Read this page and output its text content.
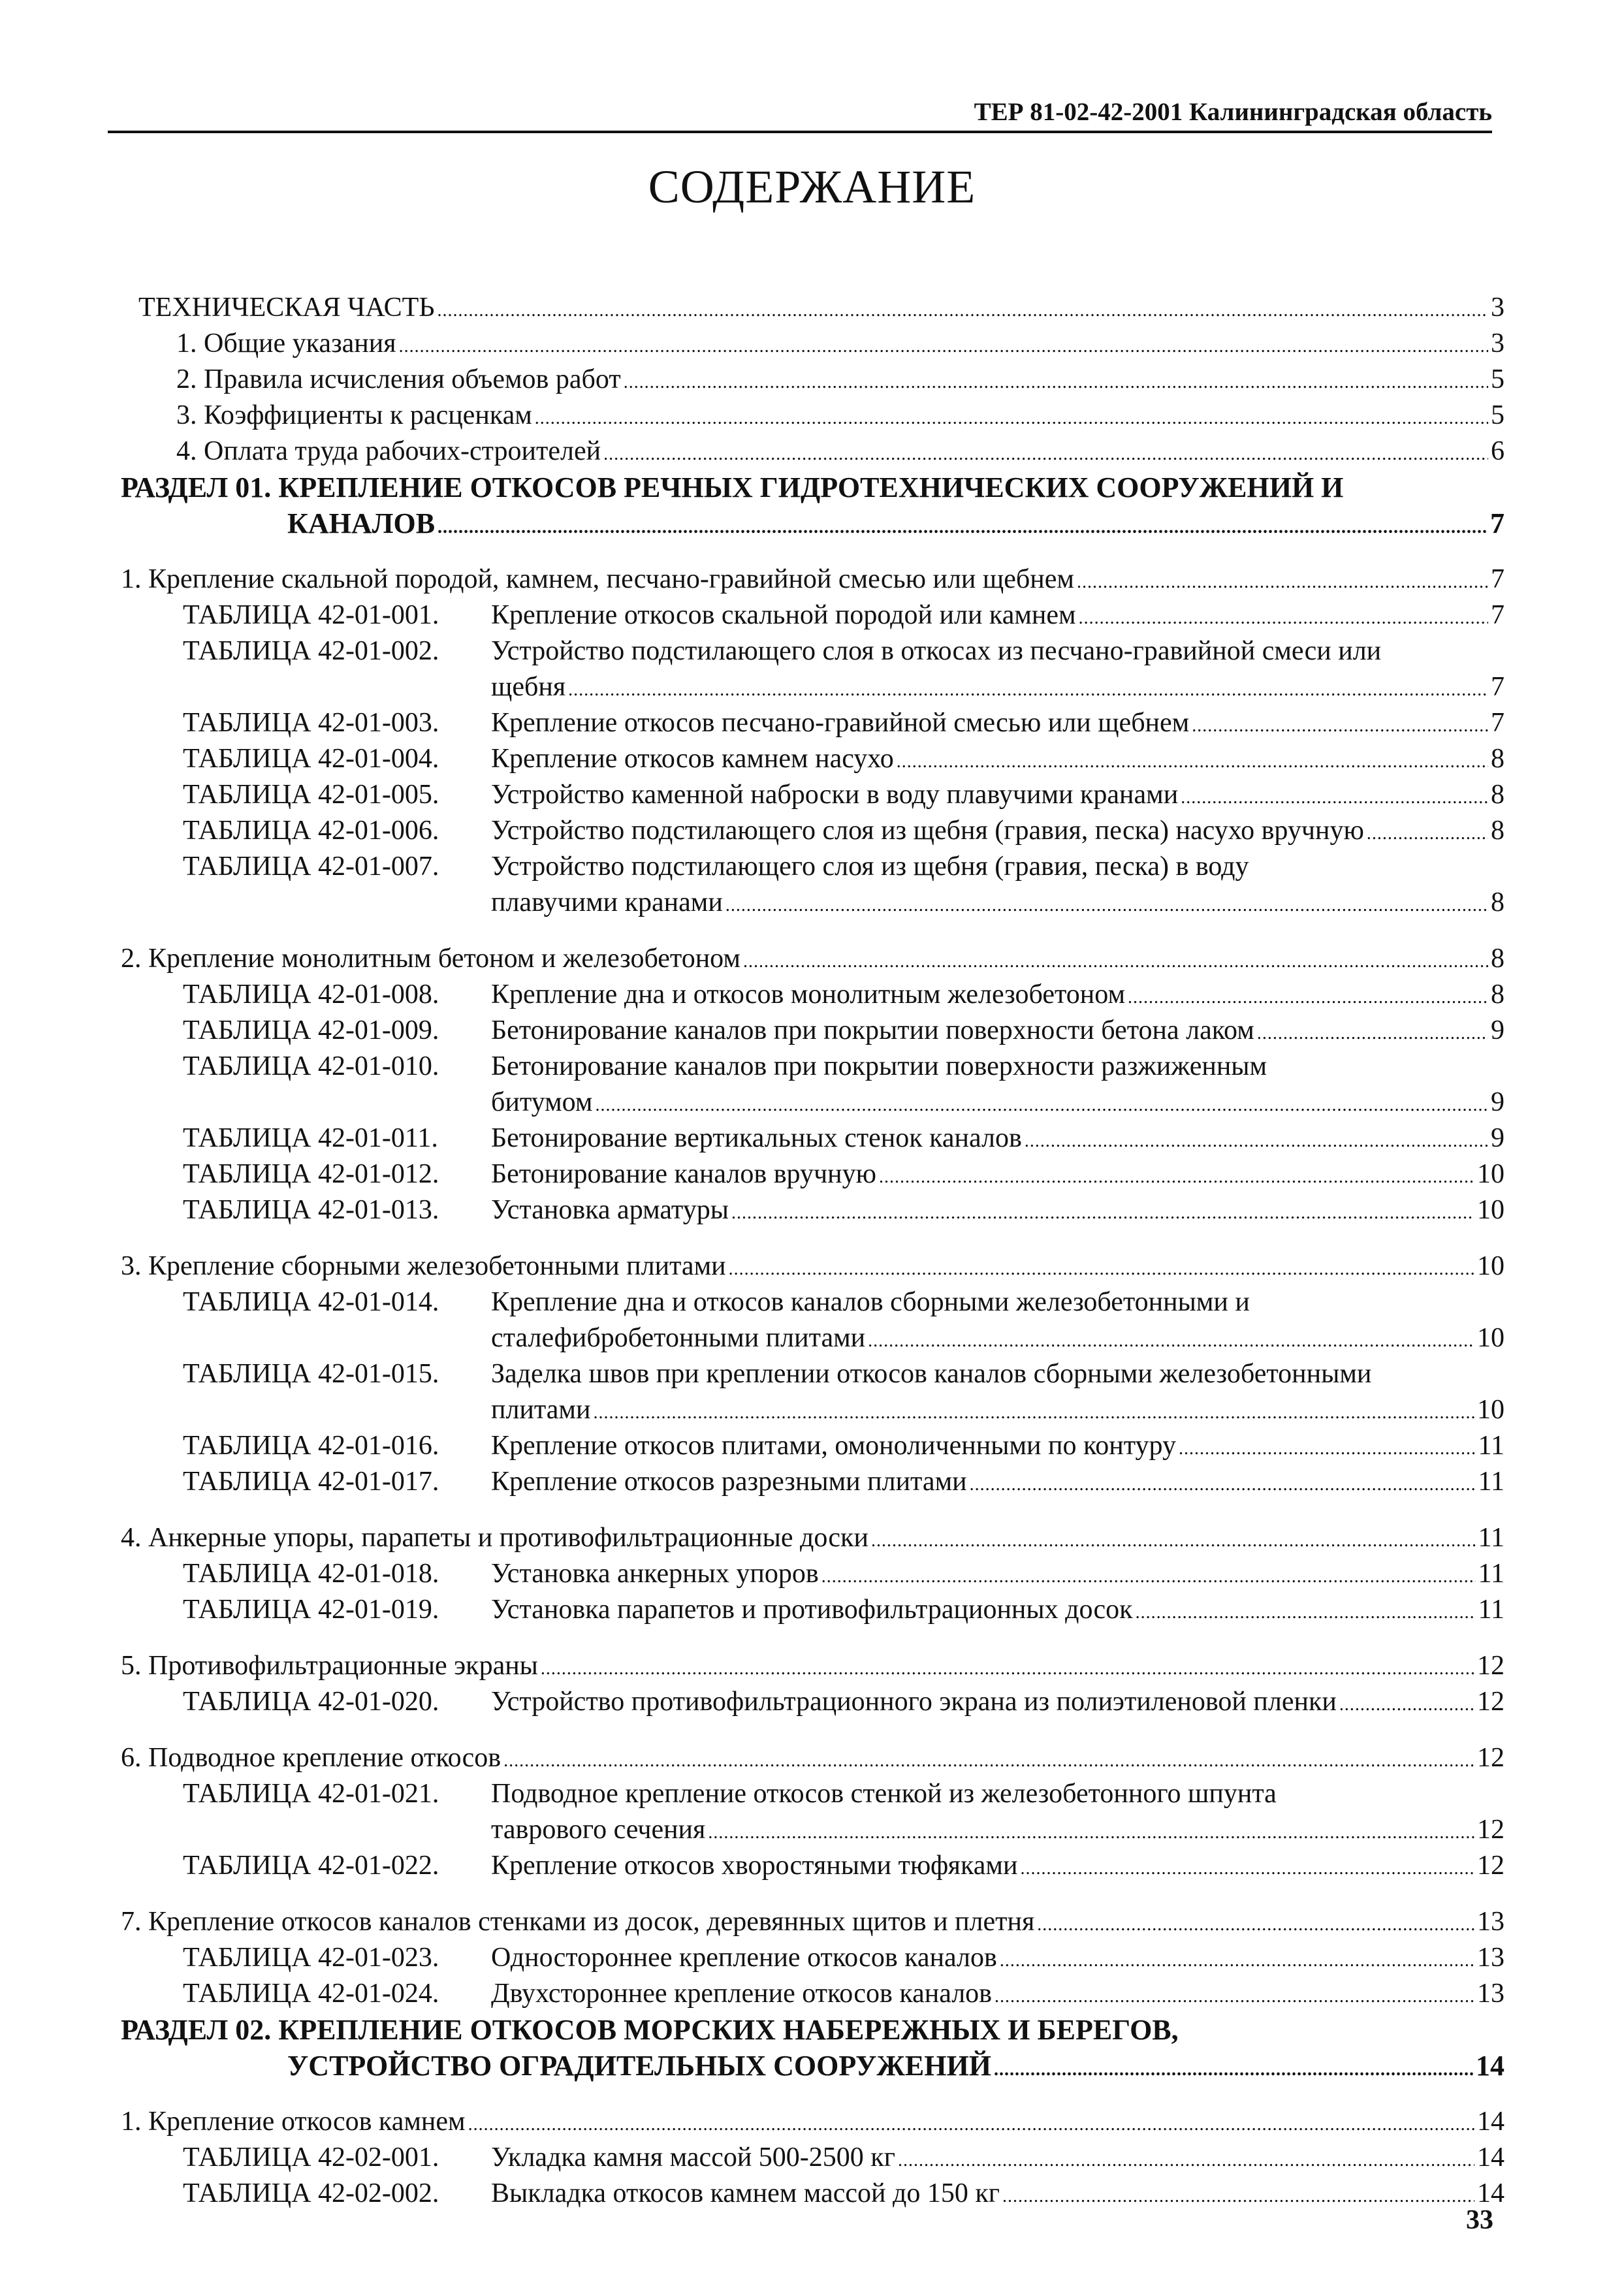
ТЕР 81-02-42-2001 Калининградская область
СОДЕРЖАНИЕ
ТЕХНИЧЕСКАЯ ЧАСТЬ . . .	3
1. Общие указания . . .	3
2. Правила исчисления объемов работ . . .	5
3. Коэффициенты к расценкам . . .	5
4. Оплата труда рабочих-строителей . . .	6
РАЗДЕЛ 01. КРЕПЛЕНИЕ ОТКОСОВ РЕЧНЫХ ГИДРОТЕХНИЧЕСКИХ СООРУЖЕНИЙ И
КАНАЛОВ . . .	7
1. Крепление скальной породой, камнем, песчано-гравийной смесью или щебнем . . .	7
ТАБЛИЦА 42-01-001. Крепление откосов скальной породой или камнем . . .	7
ТАБЛИЦА 42-01-002. Устройство подстилающего слоя в откосах из песчано-гравийной смеси или
щебня . . .	7
ТАБЛИЦА 42-01-003. Крепление откосов песчано-гравийной смесью или щебнем . . .	7
ТАБЛИЦА 42-01-004. Крепление откосов камнем насухо . . .	8
ТАБЛИЦА 42-01-005. Устройство каменной наброски в воду плавучими кранами . . .	8
ТАБЛИЦА 42-01-006. Устройство подстилающего слоя из щебня (гравия, песка) насухо вручную . . .	8
ТАБЛИЦА 42-01-007. Устройство подстилающего слоя из щебня (гравия, песка) в воду
плавучими кранами . . .	8
2. Крепление монолитным бетоном и железобетоном . . .	8
ТАБЛИЦА 42-01-008. Крепление дна и откосов монолитным железобетоном . . .	8
ТАБЛИЦА 42-01-009. Бетонирование каналов при покрытии поверхности бетона лаком . . .	9
ТАБЛИЦА 42-01-010. Бетонирование каналов при покрытии поверхности разжиженным
битумом . . .	9
ТАБЛИЦА 42-01-011. Бетонирование вертикальных стенок каналов . . .	9
ТАБЛИЦА 42-01-012. Бетонирование каналов вручную . . .	10
ТАБЛИЦА 42-01-013. Установка арматуры . . .	10
3. Крепление сборными железобетонными плитами . . .	10
ТАБЛИЦА 42-01-014. Крепление дна и откосов каналов сборными железобетонными и
сталефибробетонными плитами . . .	10
ТАБЛИЦА 42-01-015. Заделка швов при креплении откосов каналов сборными железобетонными
плитами . . .	10
ТАБЛИЦА 42-01-016. Крепление откосов плитами, омоноличенными по контуру . . .	11
ТАБЛИЦА 42-01-017. Крепление откосов разрезными плитами . . .	11
4. Анкерные упоры, парапеты и противофильтрационные доски . . .	11
ТАБЛИЦА 42-01-018. Установка анкерных упоров . . .	11
ТАБЛИЦА 42-01-019. Установка парапетов и противофильтрационных досок . . .	11
5. Противофильтрационные экраны . . .	12
ТАБЛИЦА 42-01-020. Устройство противофильтрационного экрана из полиэтиленовой пленки . . .	12
6. Подводное крепление откосов . . .	12
ТАБЛИЦА 42-01-021. Подводное крепление откосов стенкой из железобетонного шпунта
таврового сечения . . .	12
ТАБЛИЦА 42-01-022. Крепление откосов хворостяными тюфяками . . .	12
7. Крепление откосов каналов стенками из досок, деревянных щитов и плетня . . .	13
ТАБЛИЦА 42-01-023. Одностороннее крепление откосов каналов . . .	13
ТАБЛИЦА 42-01-024. Двухстороннее крепление откосов каналов . . .	13
РАЗДЕЛ 02. КРЕПЛЕНИЕ ОТКОСОВ МОРСКИХ НАБЕРЕЖНЫХ И БЕРЕГОВ,
УСТРОЙСТВО ОГРАДИТЕЛЬНЫХ СООРУЖЕНИЙ . . .	14
1. Крепление откосов камнем . . .	14
ТАБЛИЦА 42-02-001. Укладка камня массой 500-2500 кг . . .	14
ТАБЛИЦА 42-02-002. Выкладка откосов камнем массой до 150 кг . . .	14
33
